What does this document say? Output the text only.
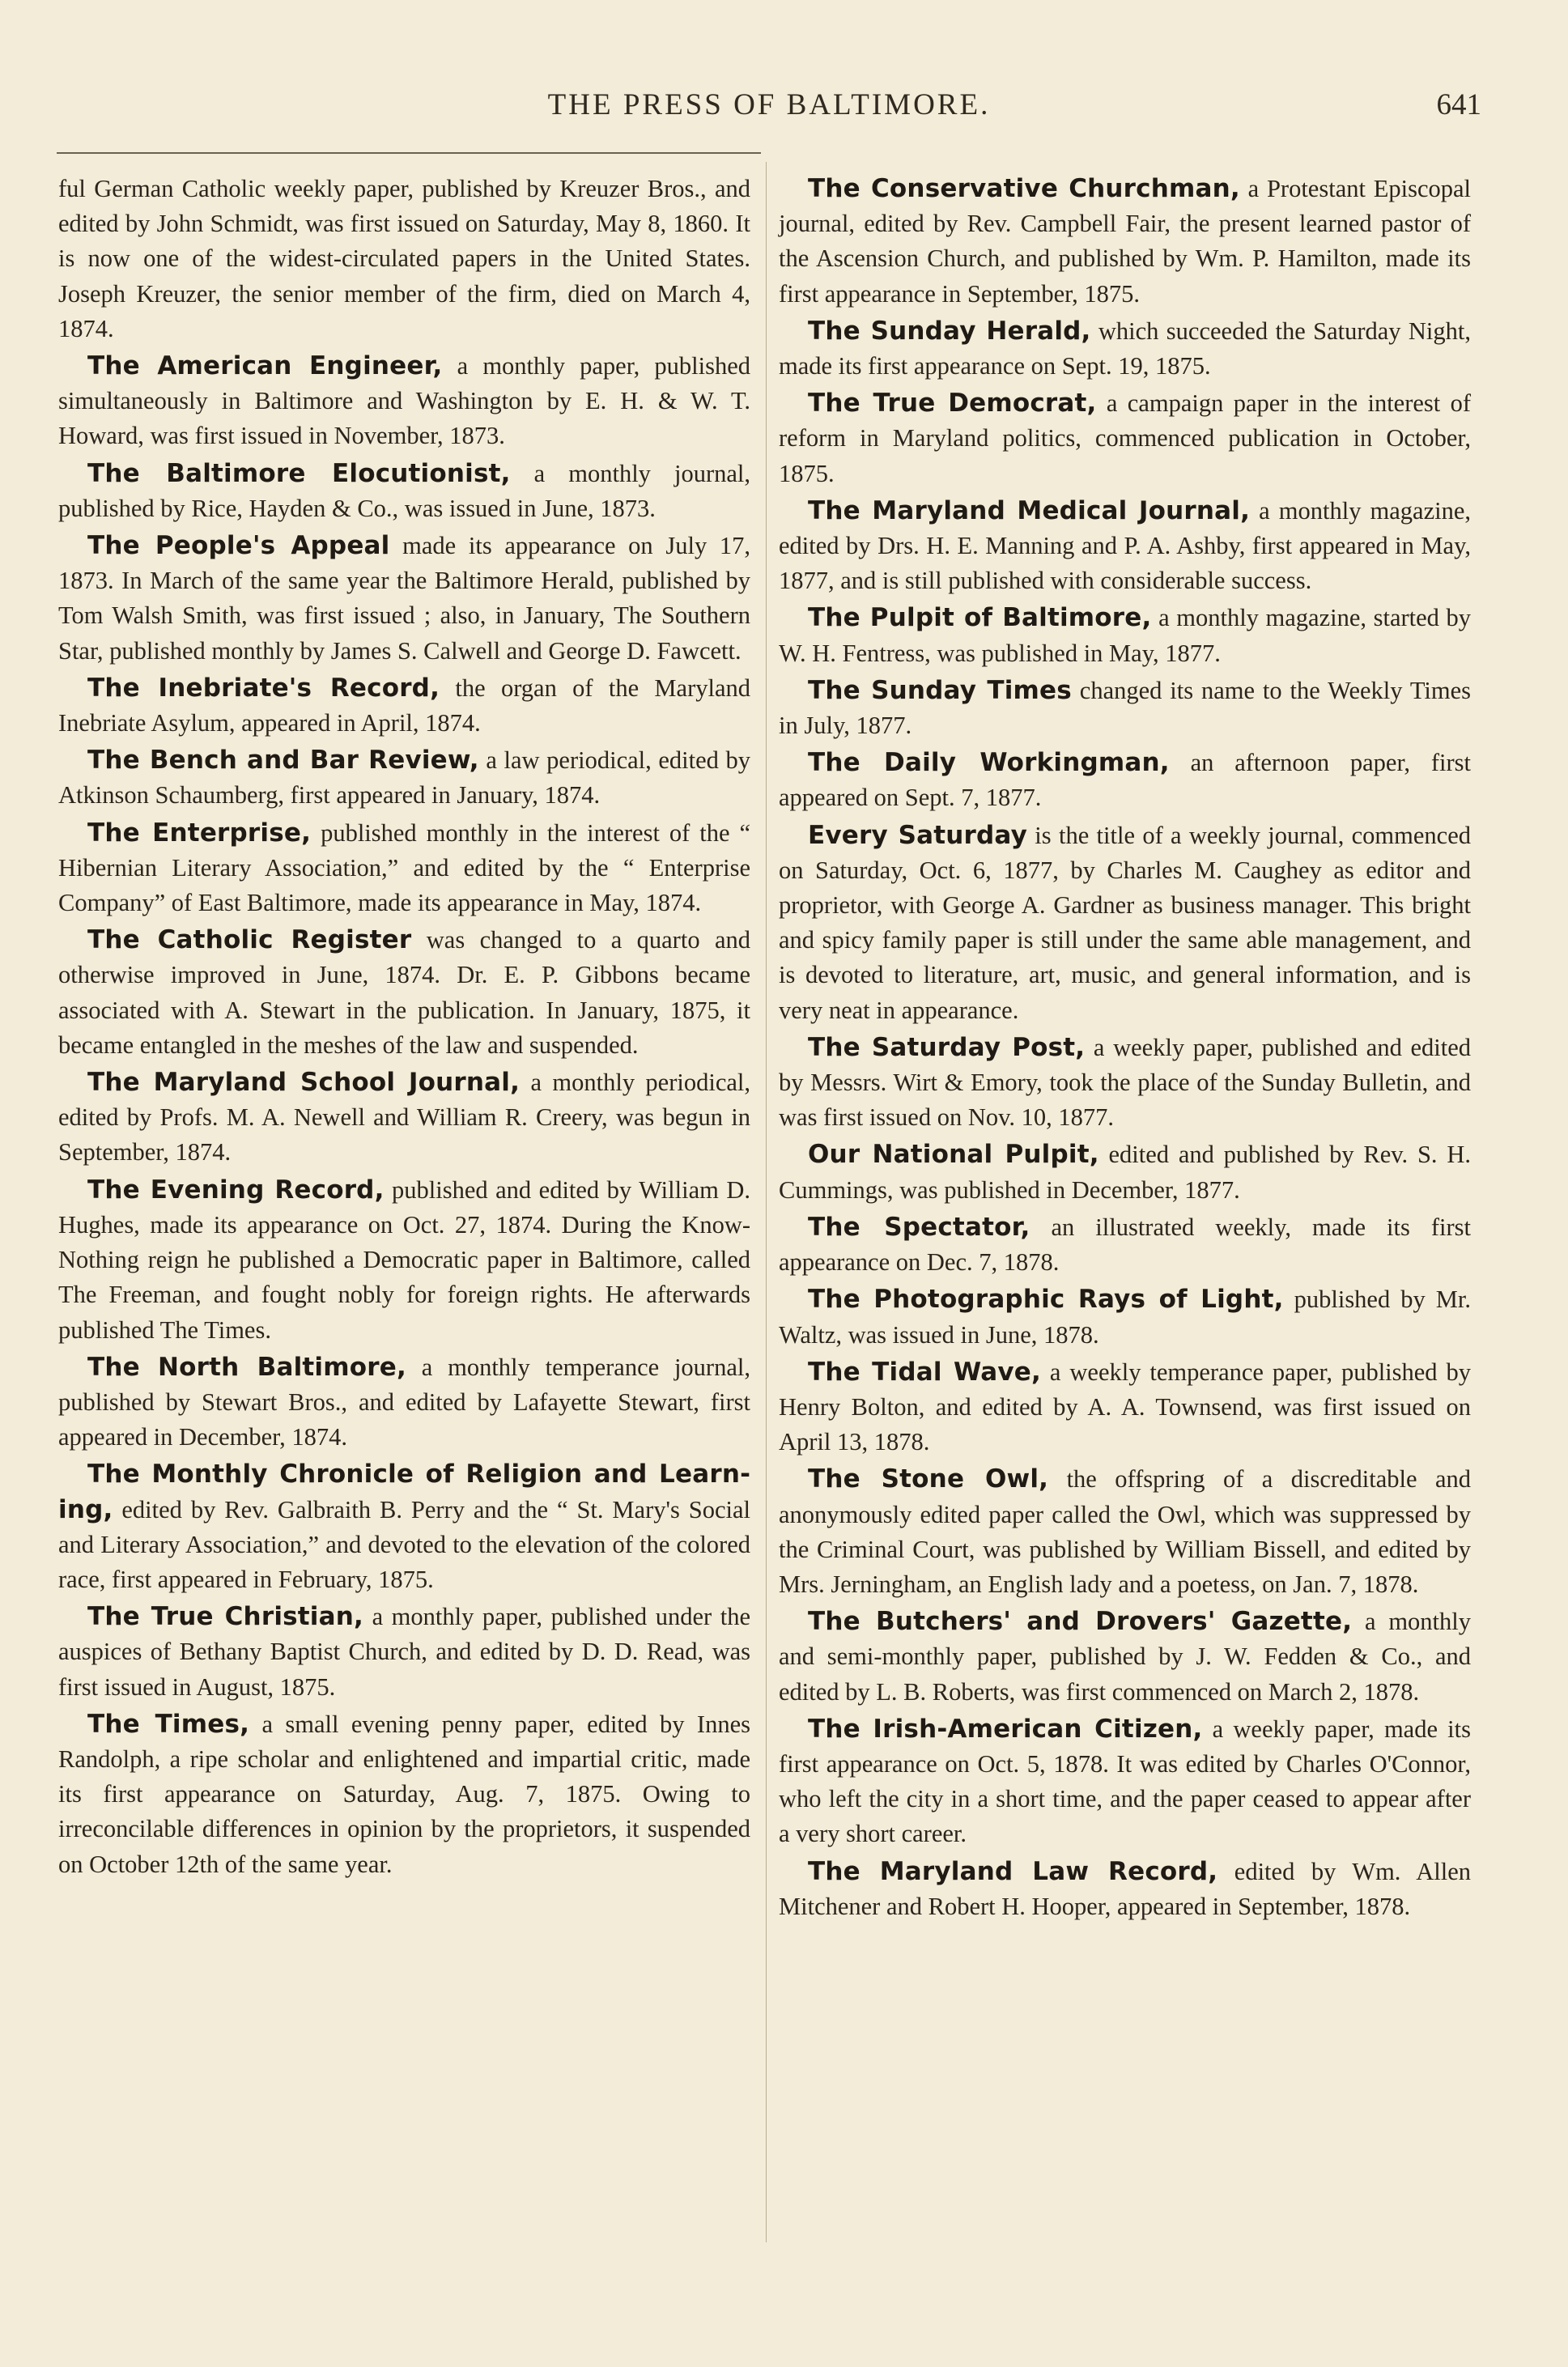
THE PRESS OF BALTIMORE.	641

ful German Catholic weekly paper, published by Kreuzer Bros., and edited by John Schmidt, was first issued on Saturday, May 8, 1860. It is now one of the widest-circulated papers in the United States. Joseph Kreuzer, the senior member of the firm, died on March 4, 1874.

The American Engineer, a monthly paper, published simultaneously in Baltimore and Washington by E. H. & W. T. Howard, was first issued in November, 1873.

The Baltimore Elocutionist, a monthly journal, published by Rice, Hayden & Co., was issued in June, 1873.

The People's Appeal made its appearance on July 17, 1873. In March of the same year the Baltimore Herald, published by Tom Walsh Smith, was first issued ; also, in January, The Southern Star, published monthly by James S. Calwell and George D. Fawcett.

The Inebriate's Record, the organ of the Maryland Inebriate Asylum, appeared in April, 1874.

The Bench and Bar Review, a law periodical, edited by Atkinson Schaumberg, first appeared in January, 1874.

The Enterprise, published monthly in the interest of the “ Hibernian Literary Association,” and edited by the “ Enterprise Company” of East Baltimore, made its appearance in May, 1874.

The Catholic Register was changed to a quarto and otherwise improved in June, 1874. Dr. E. P. Gibbons became associated with A. Stewart in the publication. In January, 1875, it became entangled in the meshes of the law and suspended.

The Maryland School Journal, a monthly periodical, edited by Profs. M. A. Newell and William R. Creery, was begun in September, 1874.

The Evening Record, published and edited by William D. Hughes, made its appearance on Oct. 27, 1874. During the Know-Nothing reign he published a Democratic paper in Baltimore, called The Freeman, and fought nobly for foreign rights. He afterwards published The Times.

The North Baltimore, a monthly temperance journal, published by Stewart Bros., and edited by Lafayette Stewart, first appeared in December, 1874.

The Monthly Chronicle of Religion and Learning, edited by Rev. Galbraith B. Perry and the “ St. Mary's Social and Literary Association,” and devoted to the elevation of the colored race, first appeared in February, 1875.

The True Christian, a monthly paper, published under the auspices of Bethany Baptist Church, and edited by D. D. Read, was first issued in August, 1875.

The Times, a small evening penny paper, edited by Innes Randolph, a ripe scholar and enlightened and impartial critic, made its first appearance on Saturday, Aug. 7, 1875. Owing to irreconcilable differences in opinion by the proprietors, it suspended on October 12th of the same year.

The Conservative Churchman, a Protestant Episcopal journal, edited by Rev. Campbell Fair, the present learned pastor of the Ascension Church, and published by Wm. P. Hamilton, made its first appearance in September, 1875.

The Sunday Herald, which succeeded the Saturday Night, made its first appearance on Sept. 19, 1875.

The True Democrat, a campaign paper in the interest of reform in Maryland politics, commenced publication in October, 1875.

The Maryland Medical Journal, a monthly magazine, edited by Drs. H. E. Manning and P. A. Ashby, first appeared in May, 1877, and is still published with considerable success.

The Pulpit of Baltimore, a monthly magazine, started by W. H. Fentress, was published in May, 1877.

The Sunday Times changed its name to the Weekly Times in July, 1877.

The Daily Workingman, an afternoon paper, first appeared on Sept. 7, 1877.

Every Saturday is the title of a weekly journal, commenced on Saturday, Oct. 6, 1877, by Charles M. Caughey as editor and proprietor, with George A. Gardner as business manager. This bright and spicy family paper is still under the same able management, and is devoted to literature, art, music, and general information, and is very neat in appearance.

The Saturday Post, a weekly paper, published and edited by Messrs. Wirt & Emory, took the place of the Sunday Bulletin, and was first issued on Nov. 10, 1877.

Our National Pulpit, edited and published by Rev. S. H. Cummings, was published in December, 1877.

The Spectator, an illustrated weekly, made its first appearance on Dec. 7, 1878.

The Photographic Rays of Light, published by Mr. Waltz, was issued in June, 1878.

The Tidal Wave, a weekly temperance paper, published by Henry Bolton, and edited by A. A. Townsend, was first issued on April 13, 1878.

The Stone Owl, the offspring of a discreditable and anonymously edited paper called the Owl, which was suppressed by the Criminal Court, was published by William Bissell, and edited by Mrs. Jerningham, an English lady and a poetess, on Jan. 7, 1878.

The Butchers' and Drovers' Gazette, a monthly and semi-monthly paper, published by J. W. Fedden & Co., and edited by L. B. Roberts, was first commenced on March 2, 1878.

The Irish-American Citizen, a weekly paper, made its first appearance on Oct. 5, 1878. It was edited by Charles O'Connor, who left the city in a short time, and the paper ceased to appear after a very short career.

The Maryland Law Record, edited by Wm. Allen Mitchener and Robert H. Hooper, appeared in September, 1878.
